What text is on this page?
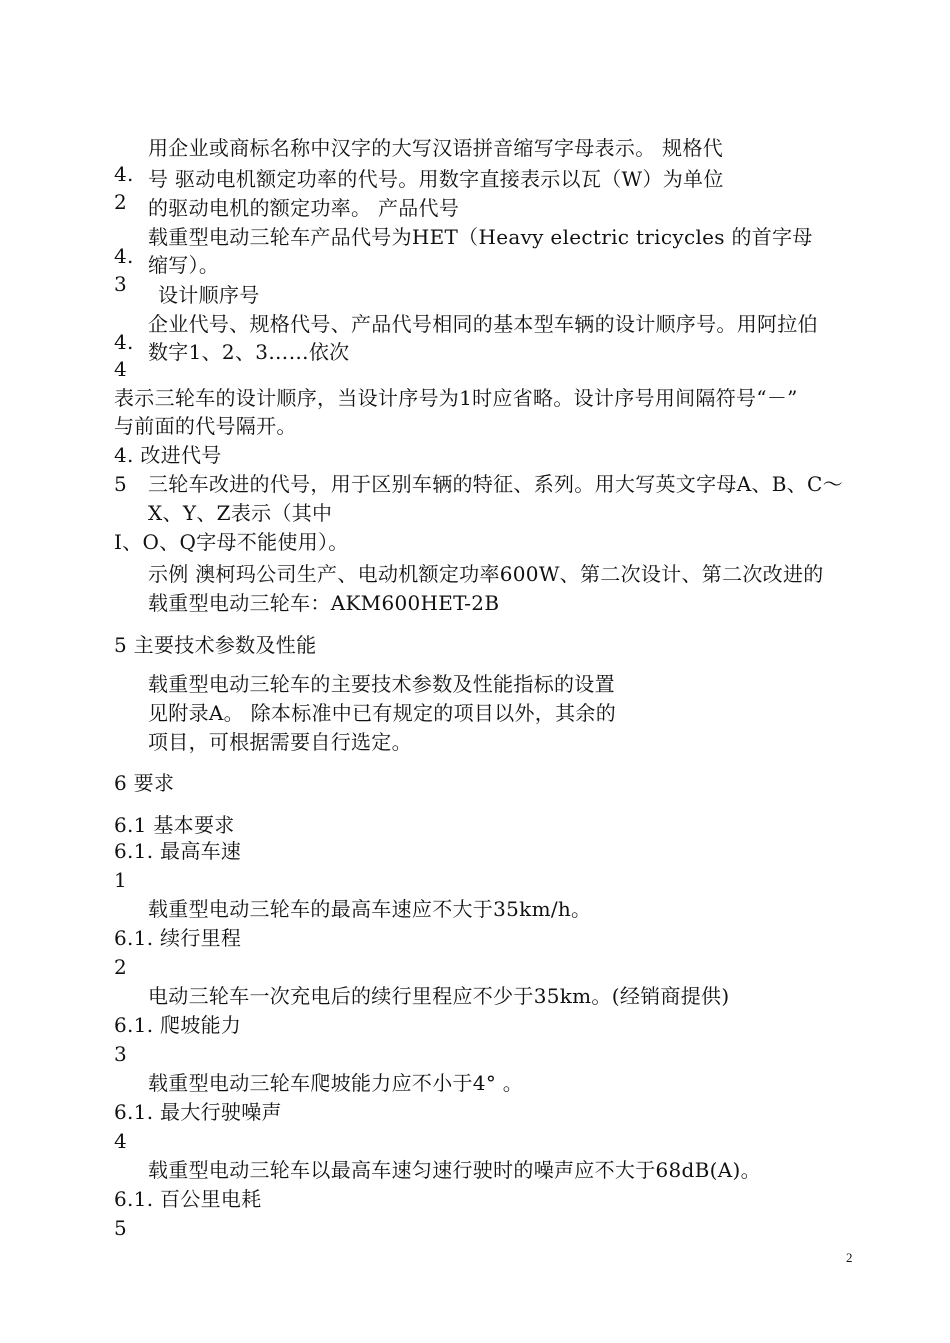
用企业或商标名称中汉字的大写汉语拼音缩写字母表示。 规格代
4. 号 驱动电机额定功率的代号。用数字直接表示以瓦（W）为单位
2 的驱动电机的额定功率。 产品代号
载重型电动三轮车产品代号为HET（Heavy electric tricycles 的首字母
4. 缩写）。
3 设计顺序号
企业代号、规格代号、产品代号相同的基本型车辆的设计顺序号。用阿拉伯
4. 数字1、2、3……依次
4
表示三轮车的设计顺序，当设计序号为1时应省略。设计序号用间隔符号“－”
与前面的代号隔开。
4. 改进代号
5 三轮车改进的代号，用于区别车辆的特征、系列。用大写英文字母A、B、C～
X、Y、Z表示（其中
I、O、Q字母不能使用）。
示例 澳柯玛公司生产、电动机额定功率600W、第二次设计、第二次改进的
载重型电动三轮车：AKM600HET-2B
5 主要技术参数及性能
载重型电动三轮车的主要技术参数及性能指标的设置
见附录A。 除本标准中已有规定的项目以外，其余的
项目，可根据需要自行选定。
6 要求
6.1 基本要求
6.1. 最高车速
1
载重型电动三轮车的最高车速应不大于35km/h。
6.1. 续行里程
2
电动三轮车一次充电后的续行里程应不少于35km。(经销商提供)
6.1. 爬坡能力
3
载重型电动三轮车爬坡能力应不小于4° 。
6.1. 最大行驶噪声
4
载重型电动三轮车以最高车速匀速行驶时的噪声应不大于68dB(A)。
6.1. 百公里电耗
5
2
